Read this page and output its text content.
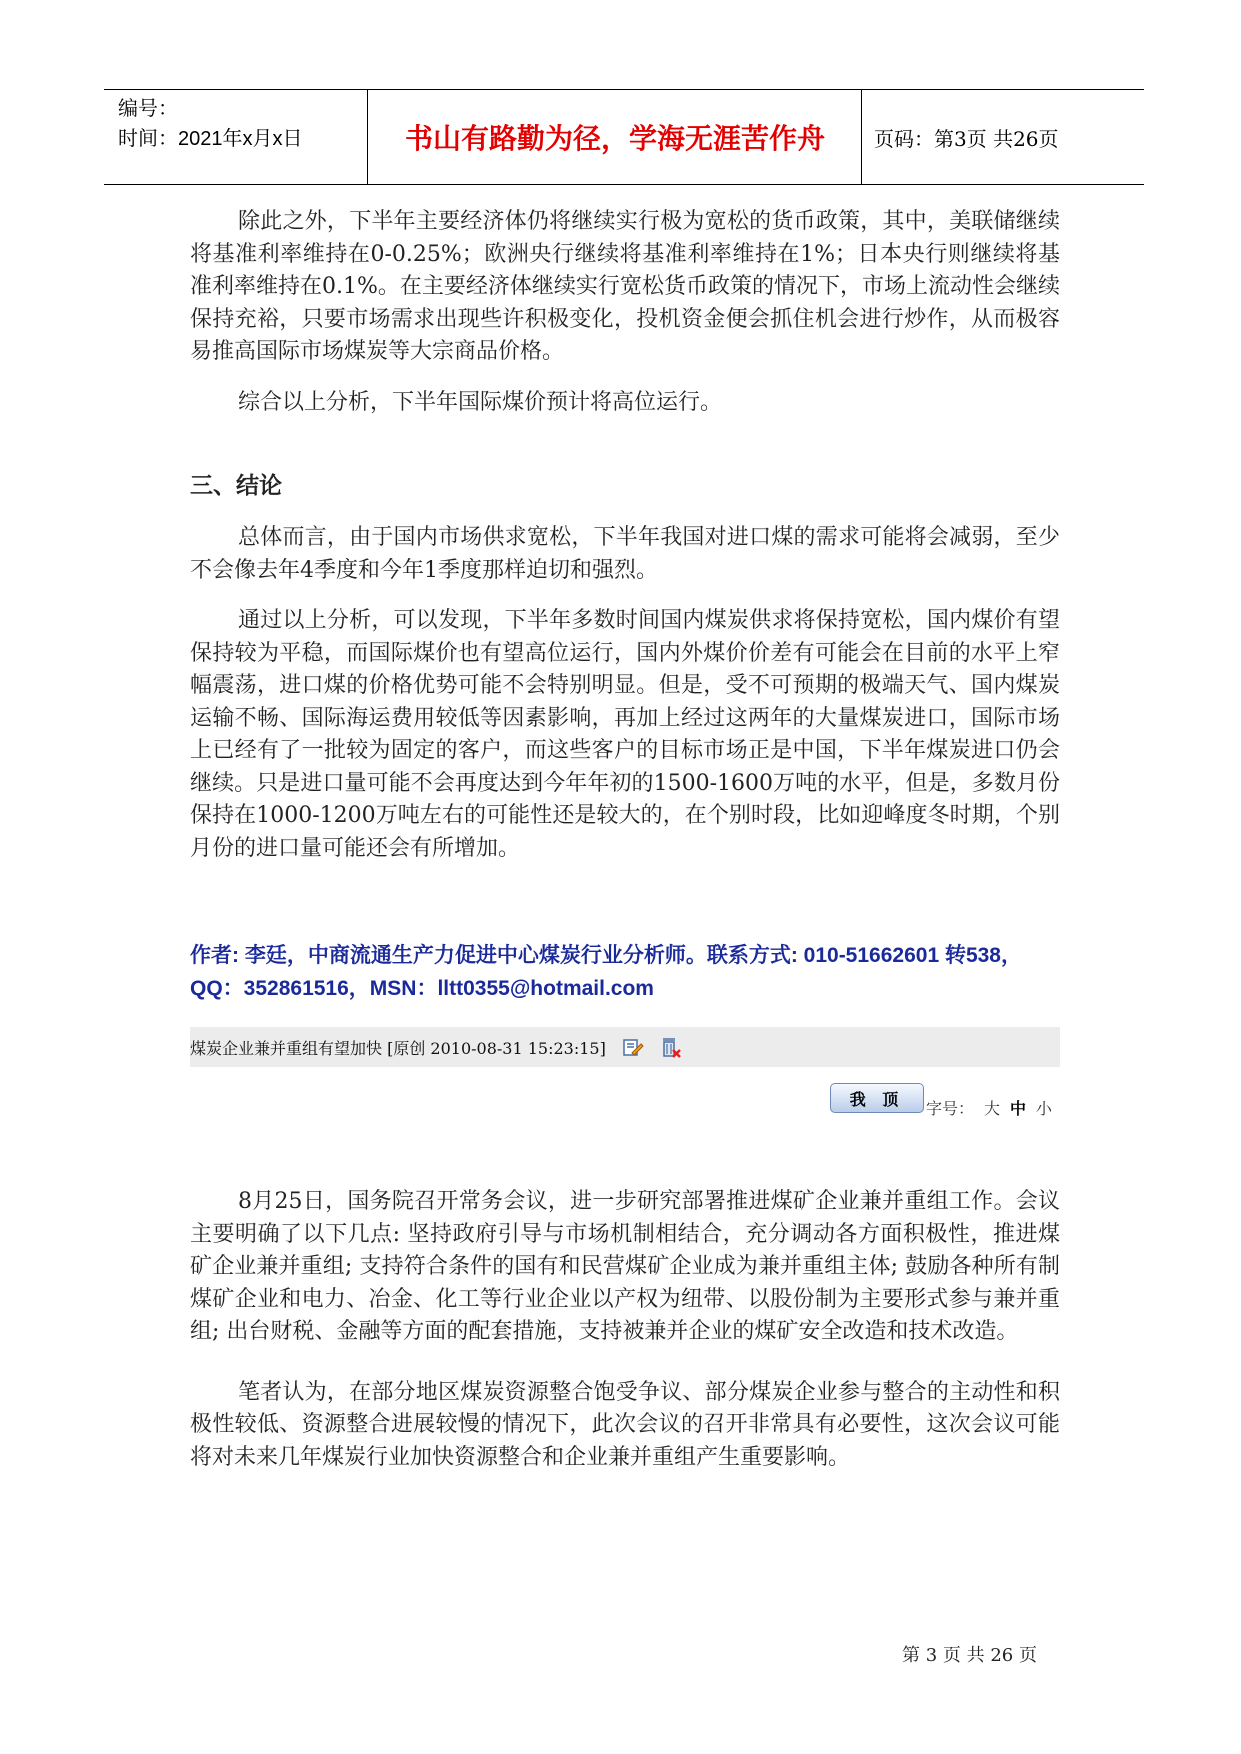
编号：
时间：2021年x月x日	书山有路勤为径，学海无涯苦作舟	页码：第3页 共26页

除此之外，下半年主要经济体仍将继续实行极为宽松的货币政策，其中，美联储继续将基准利率维持在0-0.25%；欧洲央行继续将基准利率维持在1%；日本央行则继续将基准利率维持在0.1%。在主要经济体继续实行宽松货币政策的情况下，市场上流动性会继续保持充裕，只要市场需求出现些许积极变化，投机资金便会抓住机会进行炒作，从而极容易推高国际市场煤炭等大宗商品价格。

综合以上分析，下半年国际煤价预计将高位运行。

三、结论

总体而言，由于国内市场供求宽松，下半年我国对进口煤的需求可能将会减弱，至少不会像去年4季度和今年1季度那样迫切和强烈。

通过以上分析，可以发现，下半年多数时间国内煤炭供求将保持宽松，国内煤价有望保持较为平稳，而国际煤价也有望高位运行，国内外煤价价差有可能会在目前的水平上窄幅震荡，进口煤的价格优势可能不会特别明显。但是，受不可预期的极端天气、国内煤炭运输不畅、国际海运费用较低等因素影响，再加上经过这两年的大量煤炭进口，国际市场上已经有了一批较为固定的客户，而这些客户的目标市场正是中国，下半年煤炭进口仍会继续。只是进口量可能不会再度达到今年年初的1500-1600万吨的水平，但是，多数月份保持在1000-1200万吨左右的可能性还是较大的，在个别时段，比如迎峰度冬时期，个别月份的进口量可能还会有所增加。

作者: 李廷，中商流通生产力促进中心煤炭行业分析师。联系方式: 010-51662601 转538，QQ：352861516，MSN：lltt0355@hotmail.com
煤炭企业兼并重组有望加快 [原创 2010-08-31 15:23:15]
我 顶	字号： 大 中 小

8月25日，国务院召开常务会议，进一步研究部署推进煤矿企业兼并重组工作。会议主要明确了以下几点: 坚持政府引导与市场机制相结合，充分调动各方面积极性，推进煤矿企业兼并重组; 支持符合条件的国有和民营煤矿企业成为兼并重组主体; 鼓励各种所有制煤矿企业和电力、冶金、化工等行业企业以产权为纽带、以股份制为主要形式参与兼并重组; 出台财税、金融等方面的配套措施，支持被兼并企业的煤矿安全改造和技术改造。

笔者认为，在部分地区煤炭资源整合饱受争议、部分煤炭企业参与整合的主动性和积极性较低、资源整合进展较慢的情况下，此次会议的召开非常具有必要性，这次会议可能将对未来几年煤炭行业加快资源整合和企业兼并重组产生重要影响。

第 3 页 共 26 页
